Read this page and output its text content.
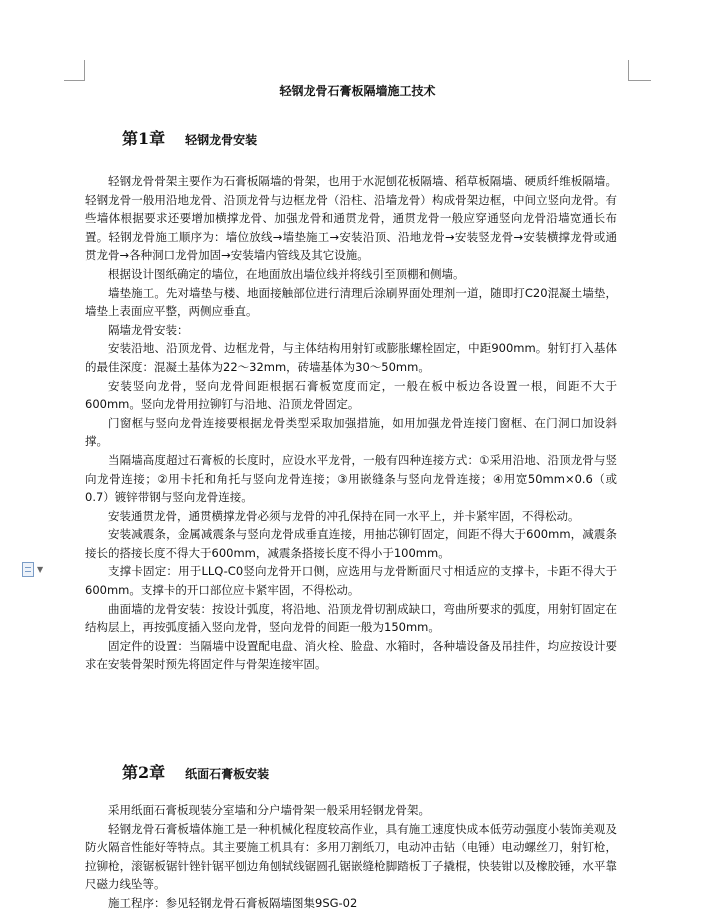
▼
轻钢龙骨石膏板隔墙施工技术
第1章 轻钢龙骨安装

轻钢龙骨骨架主要作为石膏板隔墙的骨架，也用于水泥刨花板隔墙、稻草板隔墙、硬质纤维板隔墙。轻钢龙骨一般用沿地龙骨、沿顶龙骨与边框龙骨（沿柱、沿墙龙骨）构成骨架边框，中间立竖向龙骨。有些墙体根据要求还要增加横撑龙骨、加强龙骨和通贯龙骨，通贯龙骨一般应穿通竖向龙骨沿墙宽通长布置。轻钢龙骨施工顺序为：墙位放线→墙垫施工→安装沿顶、沿地龙骨→安装竖龙骨→安装横撑龙骨或通贯龙骨→各种洞口龙骨加固→安装墙内管线及其它设施。

根据设计图纸确定的墙位，在地面放出墙位线并将线引至顶棚和侧墙。

墙垫施工。先对墙垫与楼、地面接触部位进行清理后涂刷界面处理剂一道，随即打C20混凝土墙垫，墙垫上表面应平整，两侧应垂直。

隔墙龙骨安装：

安装沿地、沿顶龙骨、边框龙骨，与主体结构用射钉或膨胀螺栓固定，中距900mm。射钉打入基体的最佳深度：混凝土基体为22～32mm，砖墙基体为30～50mm。

安装竖向龙骨，竖向龙骨间距根据石膏板宽度而定，一般在板中板边各设置一根，间距不大于600mm。竖向龙骨用拉铆钉与沿地、沿顶龙骨固定。

门窗框与竖向龙骨连接要根据龙骨类型采取加强措施，如用加强龙骨连接门窗框、在门洞口加设斜撑。

当隔墙高度超过石膏板的长度时，应设水平龙骨，一般有四种连接方式：①采用沿地、沿顶龙骨与竖向龙骨连接；②用卡托和角托与竖向龙骨连接；③用嵌缝条与竖向龙骨连接；④用宽50mm×0.6（或0.7）镀锌带钢与竖向龙骨连接。

安装通贯龙骨，通贯横撑龙骨必须与龙骨的冲孔保持在同一水平上，并卡紧牢固，不得松动。

安装减震条，金属减震条与竖向龙骨成垂直连接，用抽芯铆钉固定，间距不得大于600mm，减震条接长的搭接长度不得大于600mm，减震条搭接长度不得小于100mm。

支撑卡固定：用于LLQ-C0竖向龙骨开口侧，应选用与龙骨断面尺寸相适应的支撑卡，卡距不得大于600mm。支撑卡的开口部位应卡紧牢固，不得松动。

曲面墙的龙骨安装：按设计弧度，将沿地、沿顶龙骨切割成缺口，弯曲所要求的弧度，用射钉固定在结构层上，再按弧度插入竖向龙骨，竖向龙骨的间距一般为150mm。

固定件的设置：当隔墙中设置配电盘、消火栓、脸盘、水箱时，各种墙设备及吊挂件，均应按设计要求在安装骨架时预先将固定件与骨架连接牢固。

第2章 纸面石膏板安装

采用纸面石膏板现装分室墙和分户墙骨架一般采用轻钢龙骨架。

轻钢龙骨石膏板墙体施工是一种机械化程度较高作业，具有施工速度快成本低劳动强度小装饰美观及防火隔音性能好等特点。其主要施工机具有：多用刀割纸刀，电动冲击钻（电锤）电动螺丝刀，射钉枪，拉铆枪，滚锯板锯针锉针锯平刨边角刨轼线锯圆孔锯嵌缝枪脚踏板丁子撬棍，快装钳以及橡胶锤，水平靠尺磁力线坠等。

施工程序：参见轻钢龙骨石膏板隔墙图集9SG-02
